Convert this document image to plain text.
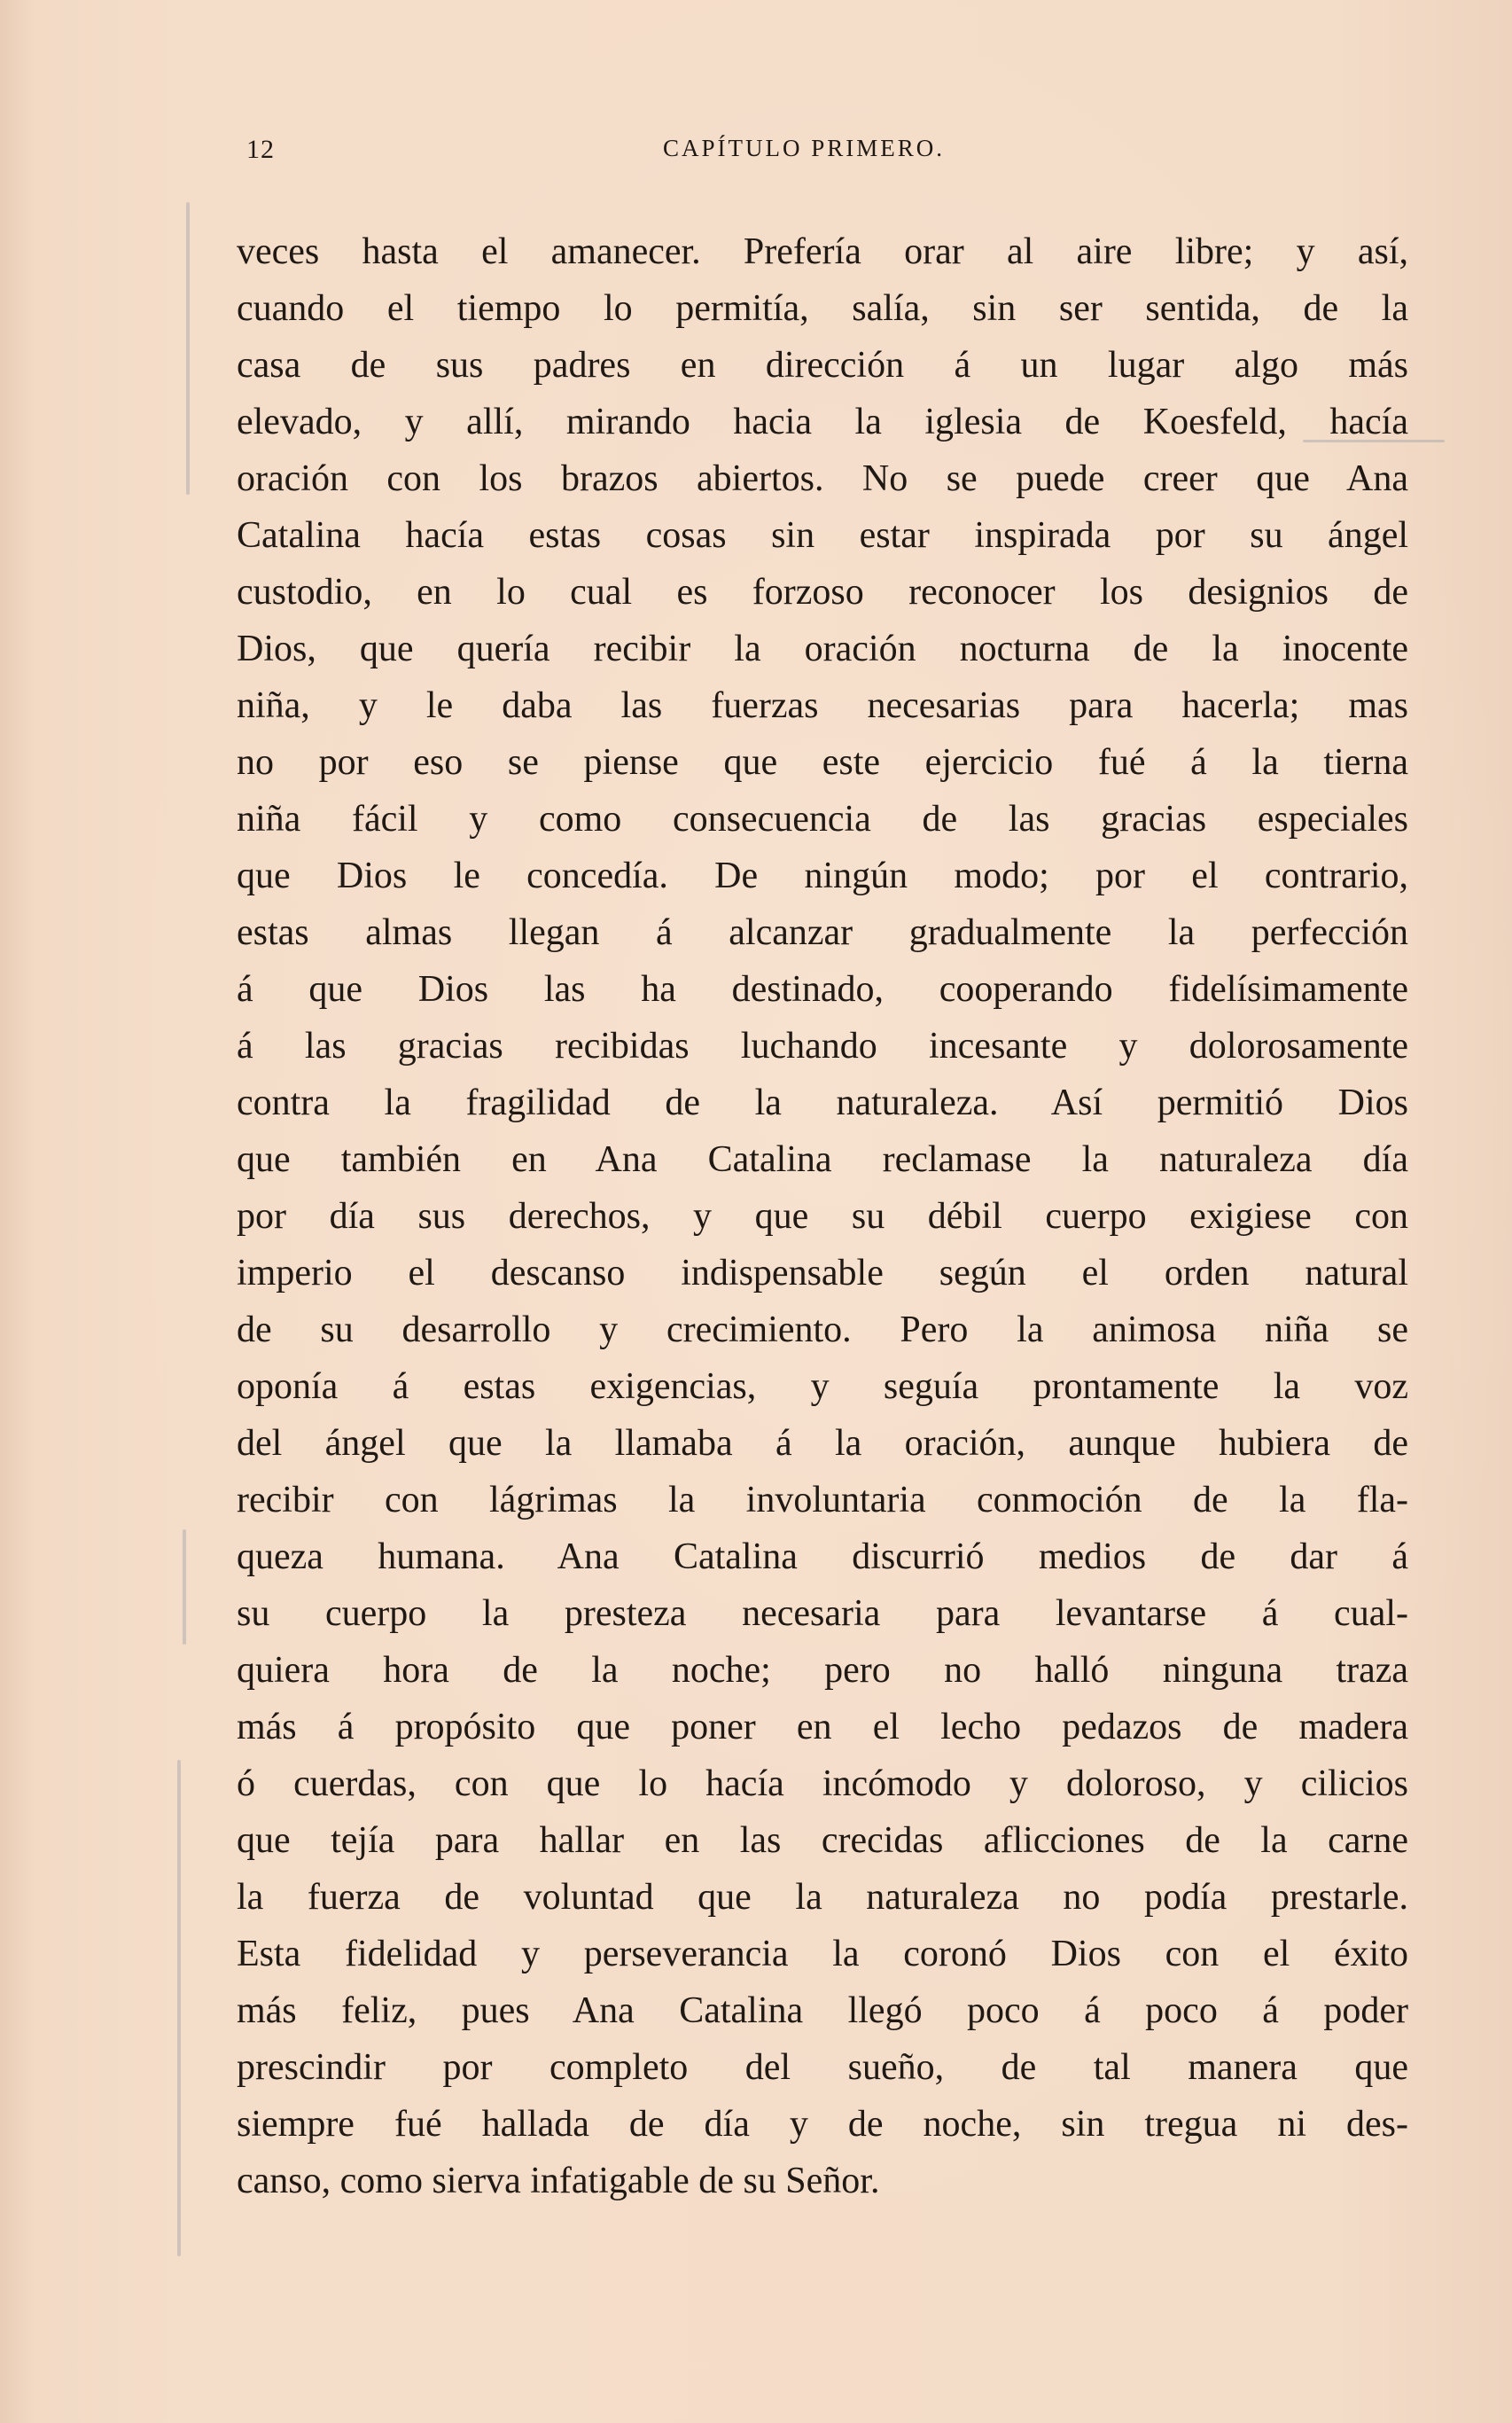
12	CAPÍTULO PRIMERO.
veces hasta el amanecer. Prefería orar al aire libre; y así,
cuando el tiempo lo permitía, salía, sin ser sentida, de la
casa de sus padres en dirección á un lugar algo más
elevado, y allí, mirando hacia la iglesia de Koesfeld, hacía
oración con los brazos abiertos. No se puede creer que Ana
Catalina hacía estas cosas sin estar inspirada por su ángel
custodio, en lo cual es forzoso reconocer los designios de
Dios, que quería recibir la oración nocturna de la inocente
niña, y le daba las fuerzas necesarias para hacerla; mas
no por eso se piense que este ejercicio fué á la tierna
niña fácil y como consecuencia de las gracias especiales
que Dios le concedía. De ningún modo; por el contrario,
estas almas llegan á alcanzar gradualmente la perfección
á que Dios las ha destinado, cooperando fidelísimamente
á las gracias recibidas luchando incesante y dolorosamente
contra la fragilidad de la naturaleza. Así permitió Dios
que también en Ana Catalina reclamase la naturaleza día
por día sus derechos, y que su débil cuerpo exigiese con
imperio el descanso indispensable según el orden natural
de su desarrollo y crecimiento. Pero la animosa niña se
oponía á estas exigencias, y seguía prontamente la voz
del ángel que la llamaba á la oración, aunque hubiera de
recibir con lágrimas la involuntaria conmoción de la fla-
queza humana. Ana Catalina discurrió medios de dar á
su cuerpo la presteza necesaria para levantarse á cual-
quiera hora de la noche; pero no halló ninguna traza
más á propósito que poner en el lecho pedazos de madera
ó cuerdas, con que lo hacía incómodo y doloroso, y cilicios
que tejía para hallar en las crecidas aflicciones de la carne
la fuerza de voluntad que la naturaleza no podía prestarle.
Esta fidelidad y perseverancia la coronó Dios con el éxito
más feliz, pues Ana Catalina llegó poco á poco á poder
prescindir por completo del sueño, de tal manera que
siempre fué hallada de día y de noche, sin tregua ni des-
canso, como sierva infatigable de su Señor.
